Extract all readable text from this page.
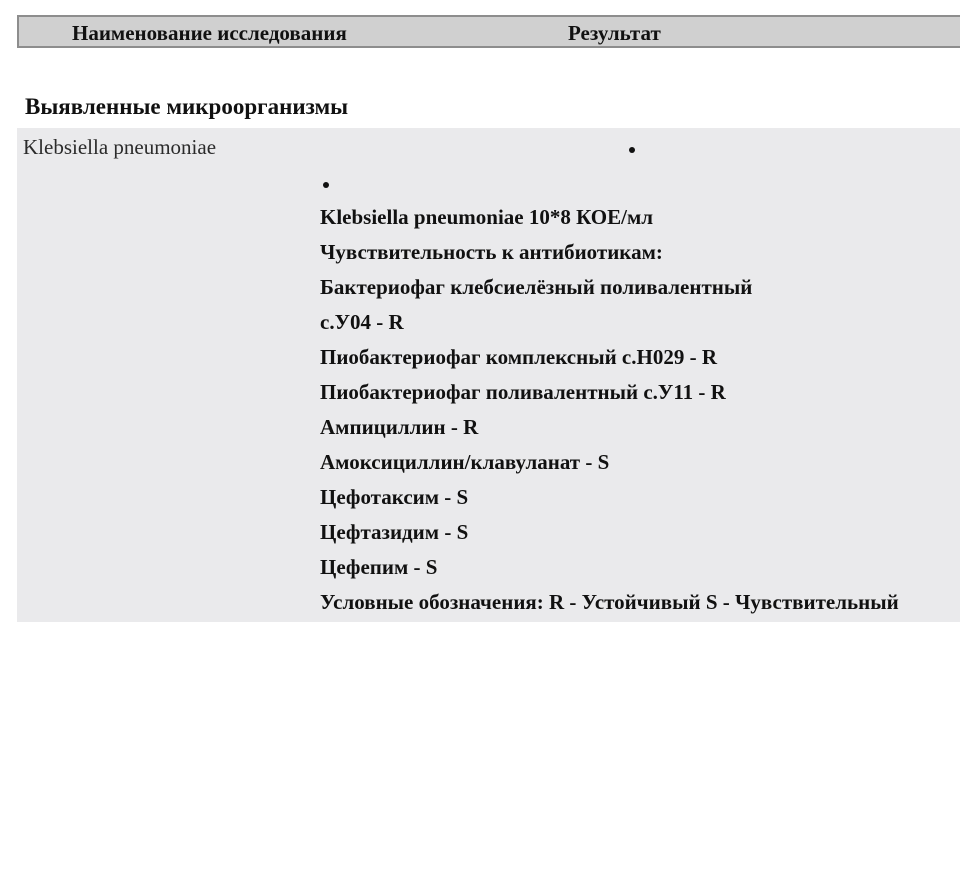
Наименование исследования	Результат
Выявленные микроорганизмы
Klebsiella pneumoniae
Klebsiella pneumoniae 10*8 КОЕ/мл
Чувствительность к антибиотикам:
Бактериофаг клебсиелёзный поливалентный
с.У04 - R
Пиобактериофаг комплексный с.Н029 - R
Пиобактериофаг поливалентный с.У11 - R
Ампициллин - R
Амоксициллин/клавуланат - S
Цефотаксим - S
Цефтазидим - S
Цефепим - S
Условные обозначения: R - Устойчивый S - Чувствительный
